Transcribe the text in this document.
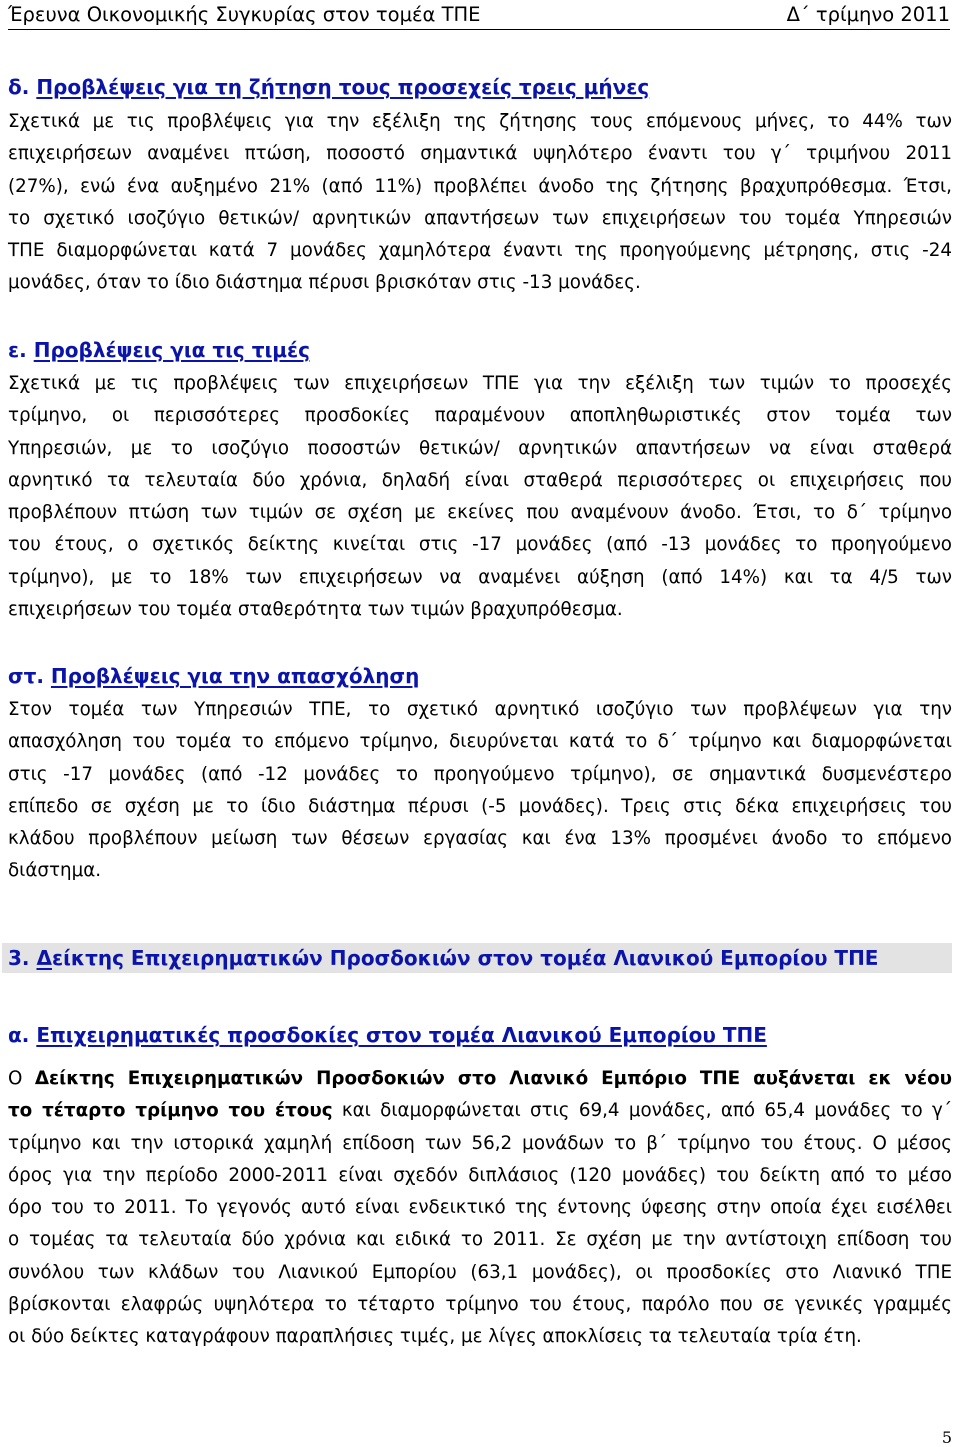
Έρευνα Οικονομικής Συγκυρίας στον τομέα ΤΠΕ	Δ΄ τρίμηνο 2011
δ. Προβλέψεις για τη ζήτηση τους προσεχείς τρεις μήνες
Σχετικά με τις προβλέψεις για την εξέλιξη της ζήτησης τους επόμενους μήνες, το 44% των
επιχειρήσεων αναμένει πτώση, ποσοστό σημαντικά υψηλότερο έναντι του γ΄ τριμήνου 2011
(27%), ενώ ένα αυξημένο 21% (από 11%) προβλέπει άνοδο της ζήτησης βραχυπρόθεσμα. Έτσι,
το σχετικό ισοζύγιο θετικών/ αρνητικών απαντήσεων των επιχειρήσεων του τομέα Υπηρεσιών
ΤΠΕ διαμορφώνεται κατά 7 μονάδες χαμηλότερα έναντι της προηγούμενης μέτρησης, στις -24
μονάδες, όταν το ίδιο διάστημα πέρυσι βρισκόταν στις -13 μονάδες.
ε. Προβλέψεις για τις τιμές
Σχετικά με τις προβλέψεις των επιχειρήσεων ΤΠΕ για την εξέλιξη των τιμών το προσεχές
τρίμηνο, οι περισσότερες προσδοκίες παραμένουν αποπληθωριστικές στον τομέα των
Υπηρεσιών, με το ισοζύγιο ποσοστών θετικών/ αρνητικών απαντήσεων να είναι σταθερά
αρνητικό τα τελευταία δύο χρόνια, δηλαδή είναι σταθερά περισσότερες οι επιχειρήσεις που
προβλέπουν πτώση των τιμών σε σχέση με εκείνες που αναμένουν άνοδο. Έτσι, το δ΄ τρίμηνο
του έτους, ο σχετικός δείκτης κινείται στις -17 μονάδες (από -13 μονάδες το προηγούμενο
τρίμηνο), με το 18% των επιχειρήσεων να αναμένει αύξηση (από 14%) και τα 4/5 των
επιχειρήσεων του τομέα σταθερότητα των τιμών βραχυπρόθεσμα.
στ. Προβλέψεις για την απασχόληση
Στον τομέα των Υπηρεσιών ΤΠΕ, το σχετικό αρνητικό ισοζύγιο των προβλέψεων για την
απασχόληση του τομέα το επόμενο τρίμηνο, διευρύνεται κατά το δ΄ τρίμηνο και διαμορφώνεται
στις -17 μονάδες (από -12 μονάδες το προηγούμενο τρίμηνο), σε σημαντικά δυσμενέστερο
επίπεδο σε σχέση με το ίδιο διάστημα πέρυσι (-5 μονάδες). Τρεις στις δέκα επιχειρήσεις του
κλάδου προβλέπουν μείωση των θέσεων εργασίας και ένα 13% προσμένει άνοδο το επόμενο
διάστημα.
3. Δείκτης Επιχειρηματικών Προσδοκιών στον τομέα Λιανικού Εμπορίου ΤΠΕ
α. Επιχειρηματικές προσδοκίες στον τομέα Λιανικού Εμπορίου ΤΠΕ
Ο Δείκτης Επιχειρηματικών Προσδοκιών στο Λιανικό Εμπόριο ΤΠΕ αυξάνεται εκ νέου
το τέταρτο τρίμηνο του έτους και διαμορφώνεται στις 69,4 μονάδες, από 65,4 μονάδες το γ΄
τρίμηνο και την ιστορικά χαμηλή επίδοση των 56,2 μονάδων το β΄ τρίμηνο του έτους. Ο μέσος
όρος για την περίοδο 2000-2011 είναι σχεδόν διπλάσιος (120 μονάδες) του δείκτη από το μέσο
όρο του το 2011. Το γεγονός αυτό είναι ενδεικτικό της έντονης ύφεσης στην οποία έχει εισέλθει
ο τομέας τα τελευταία δύο χρόνια και ειδικά το 2011. Σε σχέση με την αντίστοιχη επίδοση του
συνόλου των κλάδων του Λιανικού Εμπορίου (63,1 μονάδες), οι προσδοκίες στο Λιανικό ΤΠΕ
βρίσκονται ελαφρώς υψηλότερα το τέταρτο τρίμηνο του έτους, παρόλο που σε γενικές γραμμές
οι δύο δείκτες καταγράφουν παραπλήσιες τιμές, με λίγες αποκλίσεις τα τελευταία τρία έτη.
5
